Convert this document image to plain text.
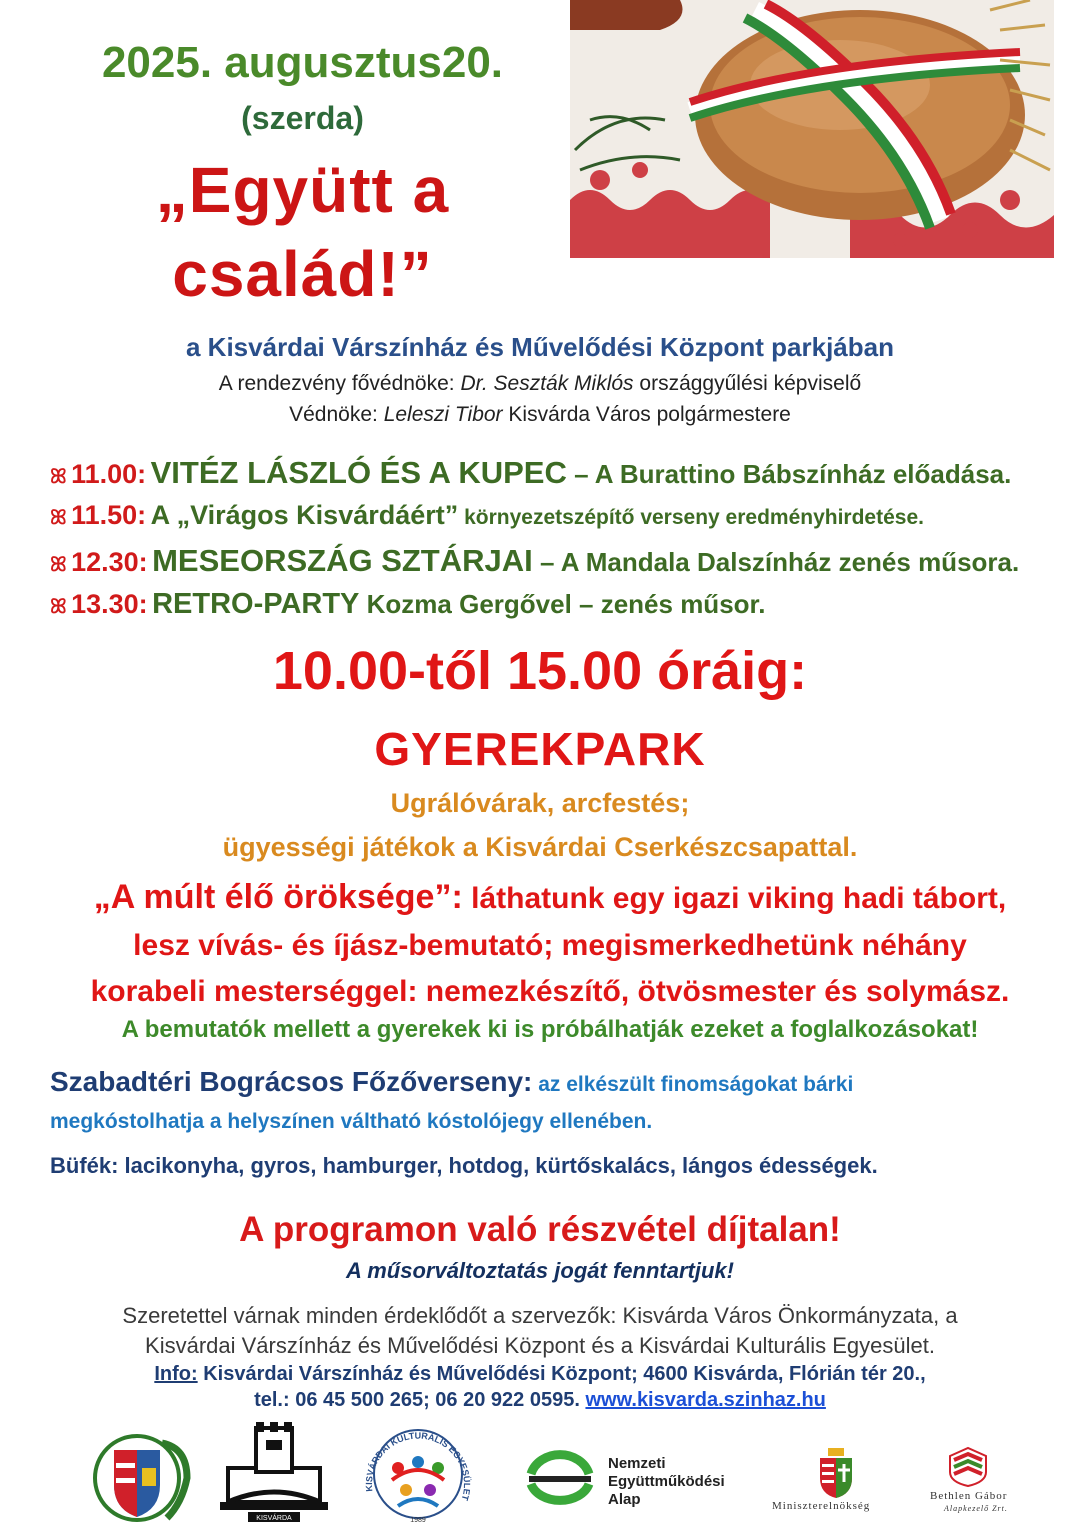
2025. augusztus20.
(szerda)
„Együtt a
család!”
a Kisvárdai Várszínház és Művelődési Központ parkjában
A rendezvény fővédnöke: Dr. Seszták Miklós országgyűlési képviselő
Védnöke: Leleszi Tibor Kisvárda Város polgármestere
ꕤ 11.00: VITÉZ LÁSZLÓ ÉS A KUPEC – A Burattino Bábszínház előadása.
ꕤ 11.50: A „Virágos Kisvárdáért” környezetszépítő verseny eredményhirdetése.
ꕤ 12.30: MESEORSZÁG SZTÁRJAI – A Mandala Dalszínház zenés műsora.
ꕤ 13.30: RETRO-PARTY Kozma Gergővel – zenés műsor.
10.00-től 15.00 óráig:
GYEREKPARK
Ugrálóvárak, arcfestés;
ügyességi játékok a Kisvárdai Cserkészcsapattal.
„A múlt élő öröksége”: láthatunk egy igazi viking hadi tábort,
lesz vívás- és íjász-bemutató; megismerkedhetünk néhány
korabeli mesterséggel: nemezkészítő, ötvösmester és solymász.
A bemutatók mellett a gyerekek ki is próbálhatják ezeket a foglalkozásokat!
Szabadtéri Bográcsos Főzőverseny: az elkészült finomságokat bárki
megkóstolhatja a helyszínen váltható kóstolójegy ellenében.
Büfék: lacikonyha, gyros, hamburger, hotdog, kürtőskalács, lángos édességek.
A programon való részvétel díjtalan!
A műsorváltoztatás jogát fenntartjuk!
Szeretettel várnak minden érdeklődőt a szervezők: Kisvárda Város Önkormányzata, a
Kisvárdai Várszínház és Művelődési Központ és a Kisvárdai Kulturális Egyesület.
Info: Kisvárdai Várszínház és Művelődési Központ; 4600 Kisvárda, Flórián tér 20.,
tel.: 06 45 500 265; 06 20 922 0595. www.kisvarda.szinhaz.hu
KISVÁRDA
KISVÁRDAI KULTURÁLIS EGYESÜLET
1989
Nemzeti
Együttműködési
Alap	Miniszterelnökség
Bethlen Gábor
Alapkezelő Zrt.
